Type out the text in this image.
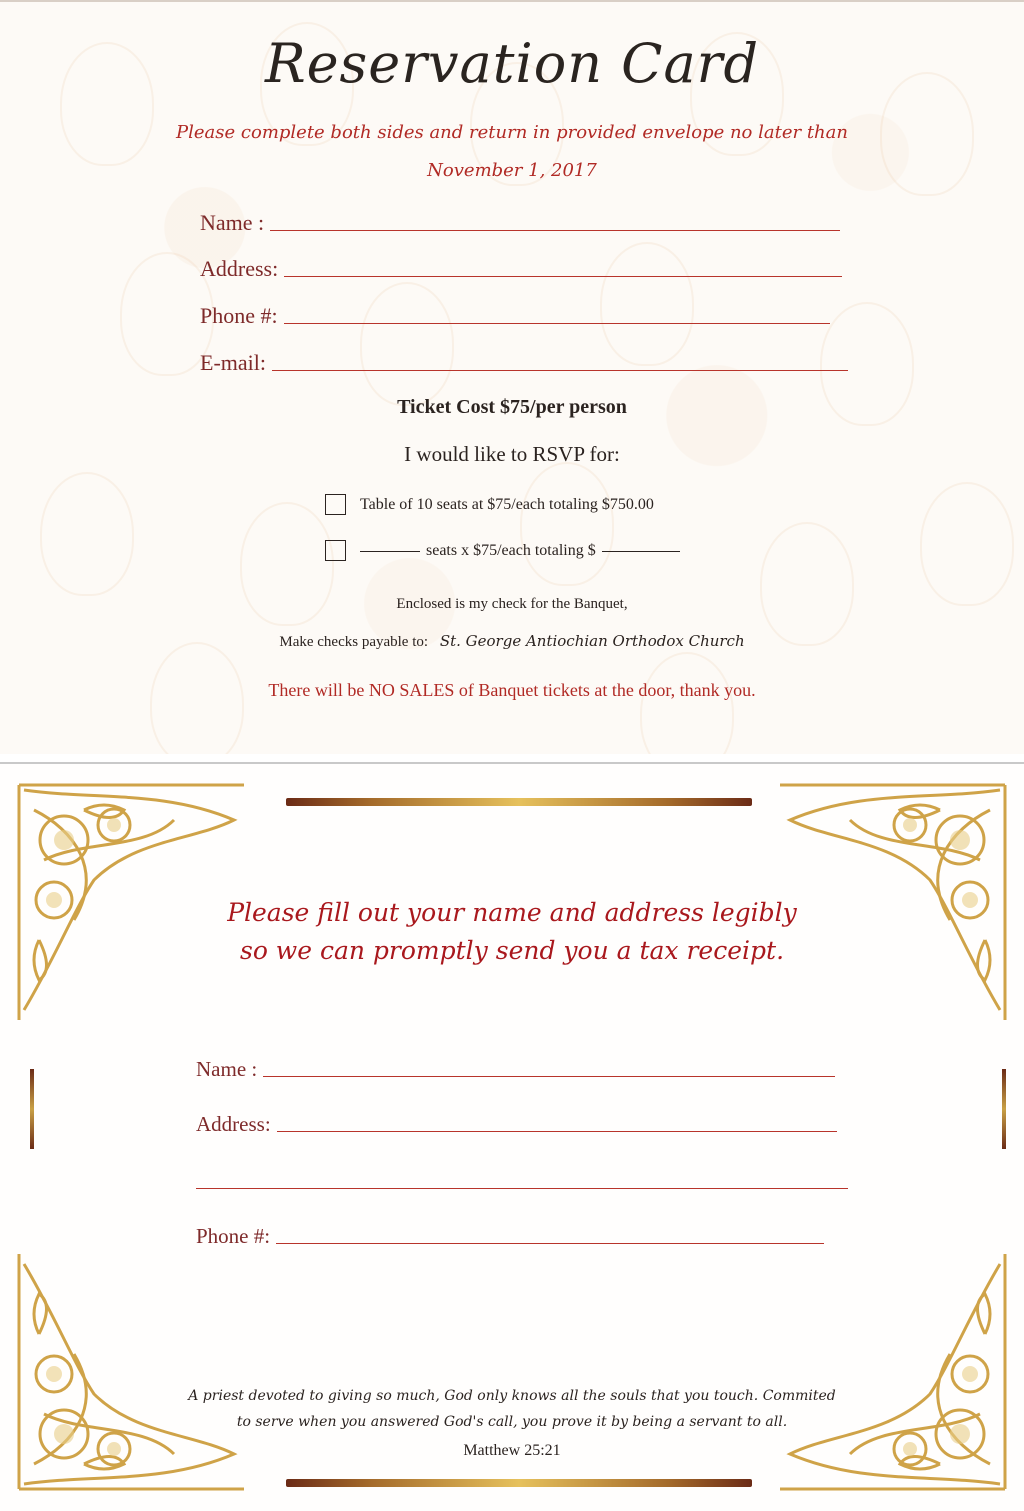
Reservation Card
Please complete both sides and return in provided envelope no later than
November 1, 2017
Name :
Address:
Phone #:
E-mail:
Ticket Cost $75/per person
I would like to RSVP for:
Table of 10 seats at $75/each totaling $750.00
seats x $75/each totaling $
Enclosed is my check for the Banquet,
Make checks payable to: St. George Antiochian Orthodox Church
There will be NO SALES of Banquet tickets at the door, thank you.
Please fill out your name and address legibly
so we can promptly send you a tax receipt.
Name :
Address:
Phone #:
A priest devoted to giving so much, God only knows all the souls that you touch. Commited
to serve when you answered God's call, you prove it by being a servant to all.
Matthew 25:21
